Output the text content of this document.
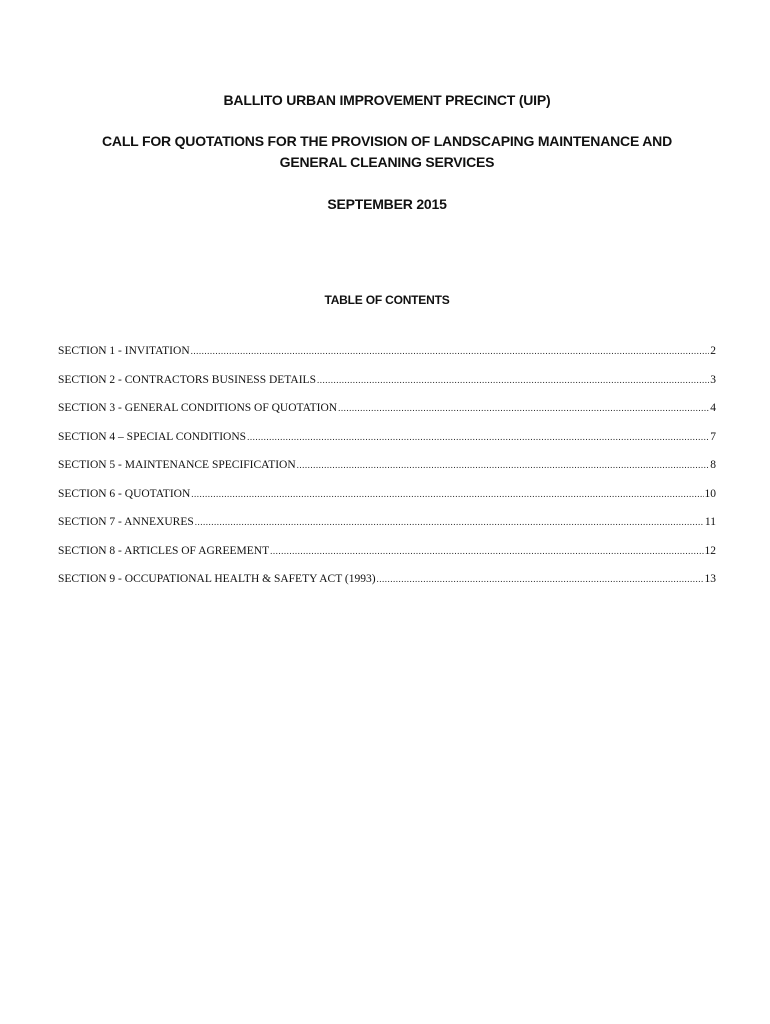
BALLITO URBAN IMPROVEMENT PRECINCT (UIP)
CALL FOR QUOTATIONS FOR THE PROVISION OF LANDSCAPING MAINTENANCE AND
GENERAL CLEANING SERVICES
SEPTEMBER 2015
TABLE OF CONTENTS
SECTION 1 - INVITATION .....	2
SECTION 2 - CONTRACTORS BUSINESS DETAILS .....	3
SECTION 3 - GENERAL CONDITIONS OF QUOTATION .....	4
SECTION 4 – SPECIAL CONDITIONS .....	7
SECTION 5 - MAINTENANCE SPECIFICATION .....	8
SECTION 6 - QUOTATION .....	10
SECTION 7 - ANNEXURES .....	11
SECTION 8 - ARTICLES OF AGREEMENT .....	12
SECTION 9 - OCCUPATIONAL HEALTH & SAFETY ACT (1993) .....	13
